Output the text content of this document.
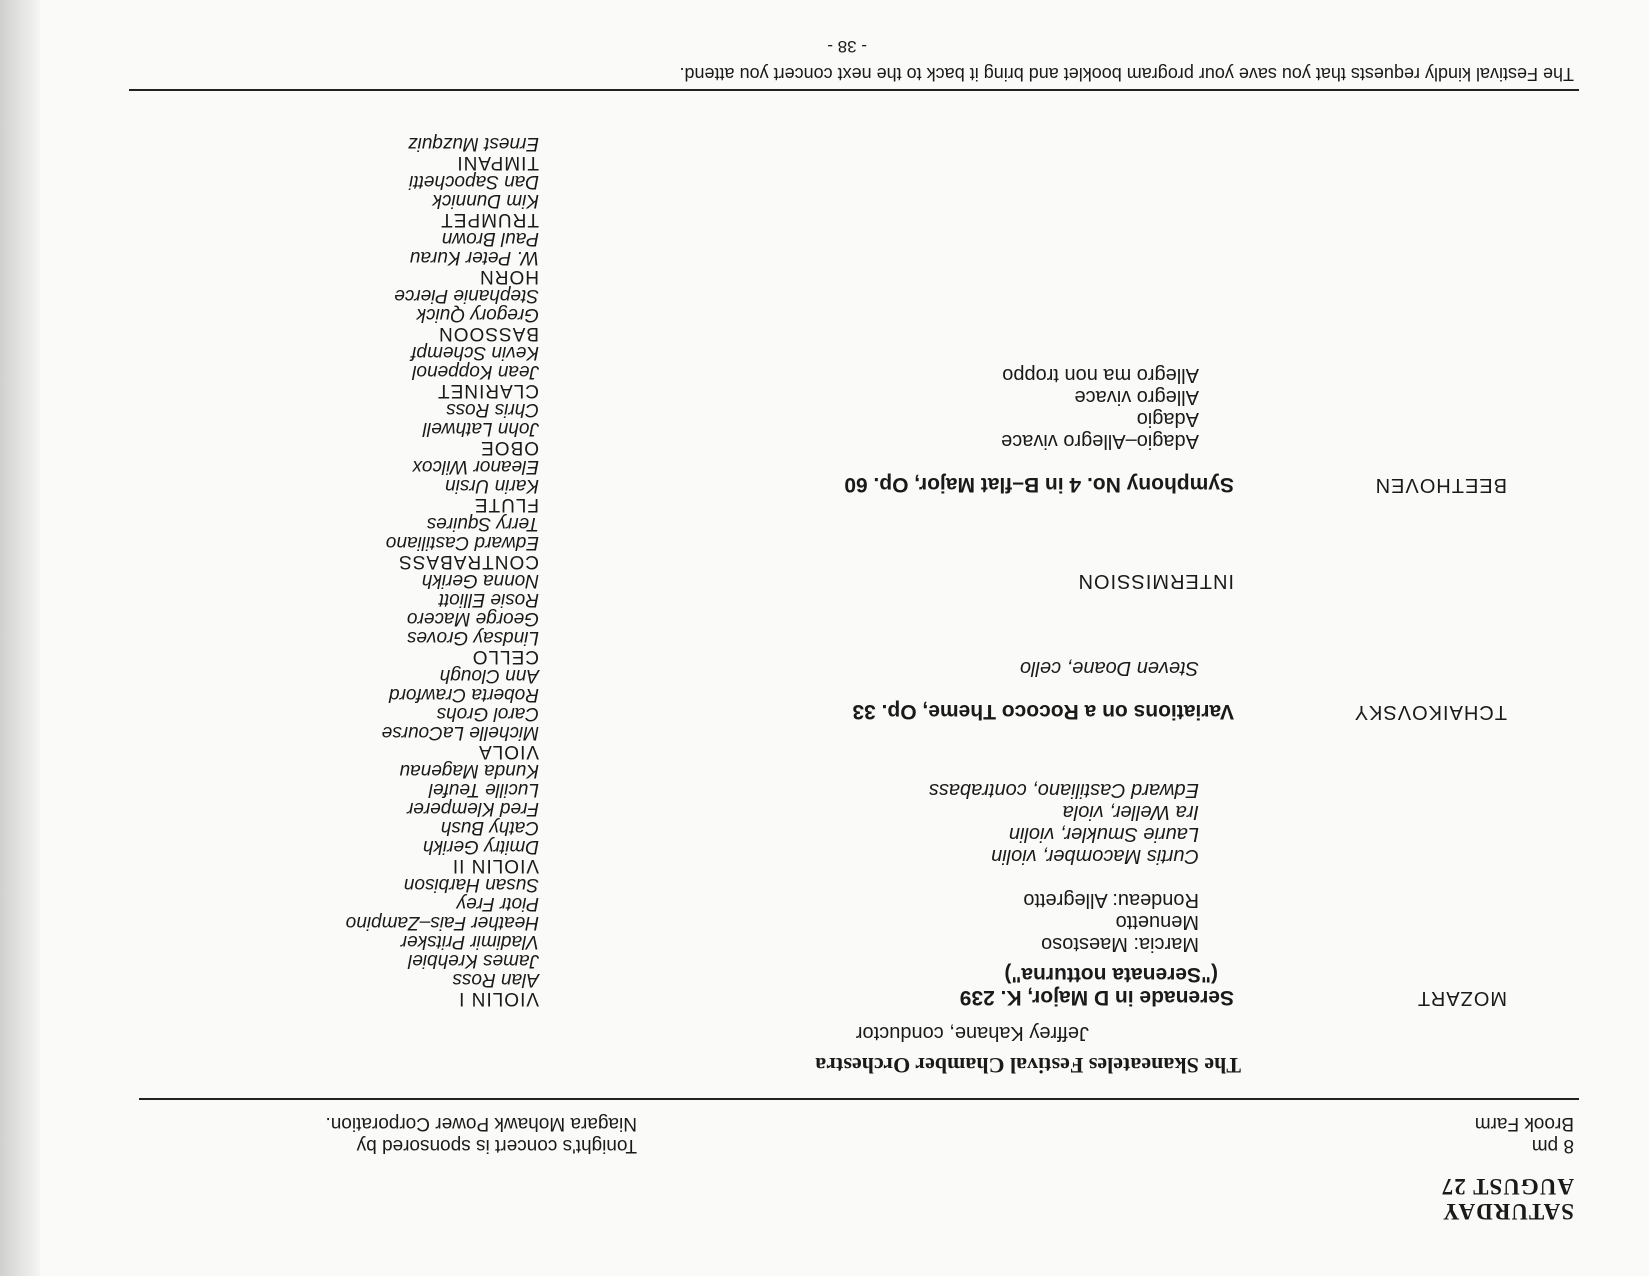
SATURDAY
AUGUST 27
8 pm
Brook Farm
Tonight's concert is sponsored by
Niagara Mohawk Power Corporation.
The Skaneateles Festival Chamber Orchestra
Jeffrey Kahane, conductor
MOZART
Serenade in D Major, K. 239
("Serenata notturna")
Marcia: Maestoso
Menuetto
Rondeau: Allegretto
Curtis Macomber, violin
Laurie Smukler, violin
Ira Weller, viola
Edward Castiliano, contrabass
TCHAIKOVSKY
Variations on a Rococo Theme, Op. 33
Steven Doane, cello
INTERMISSION
BEETHOVEN
Symphony No. 4 in B–flat Major, Op. 60
Adagio–Allegro vivace
Adagio
Allegro vivace
Allegro ma non troppo
VIOLIN I
Alan Ross
James Krehbiel
Vladimir Pritsker
Heather Fais–Zampino
Piotr Frey
Susan Harbison
VIOLIN II
Dmitry Gerikh
Cathy Bush
Fred Klemperer
Lucille Teufel
Kunda Magenau
VIOLA
Michelle LaCourse
Carol Grohs
Roberta Crawford
Ann Clough
CELLO
Lindsay Groves
George Macero
Rosie Elliott
Nonna Gerikh
CONTRABASS
Edward Castiliano
Terry Squires
FLUTE
Karin Ursin
Eleanor Wilcox
OBOE
John Lathwell
Chris Ross
CLARINET
Jean Koppenol
Kevin Schempf
BASSOON
Gregory Quick
Stephanie Pierce
HORN
W. Peter Kurau
Paul Brown
TRUMPET
Kim Dunnick
Dan Sapochetti
TIMPANI
Ernest Muzquiz
The Festival kindly requests that you save your program booklet and bring it back to the next concert you attend.
- 38 -
